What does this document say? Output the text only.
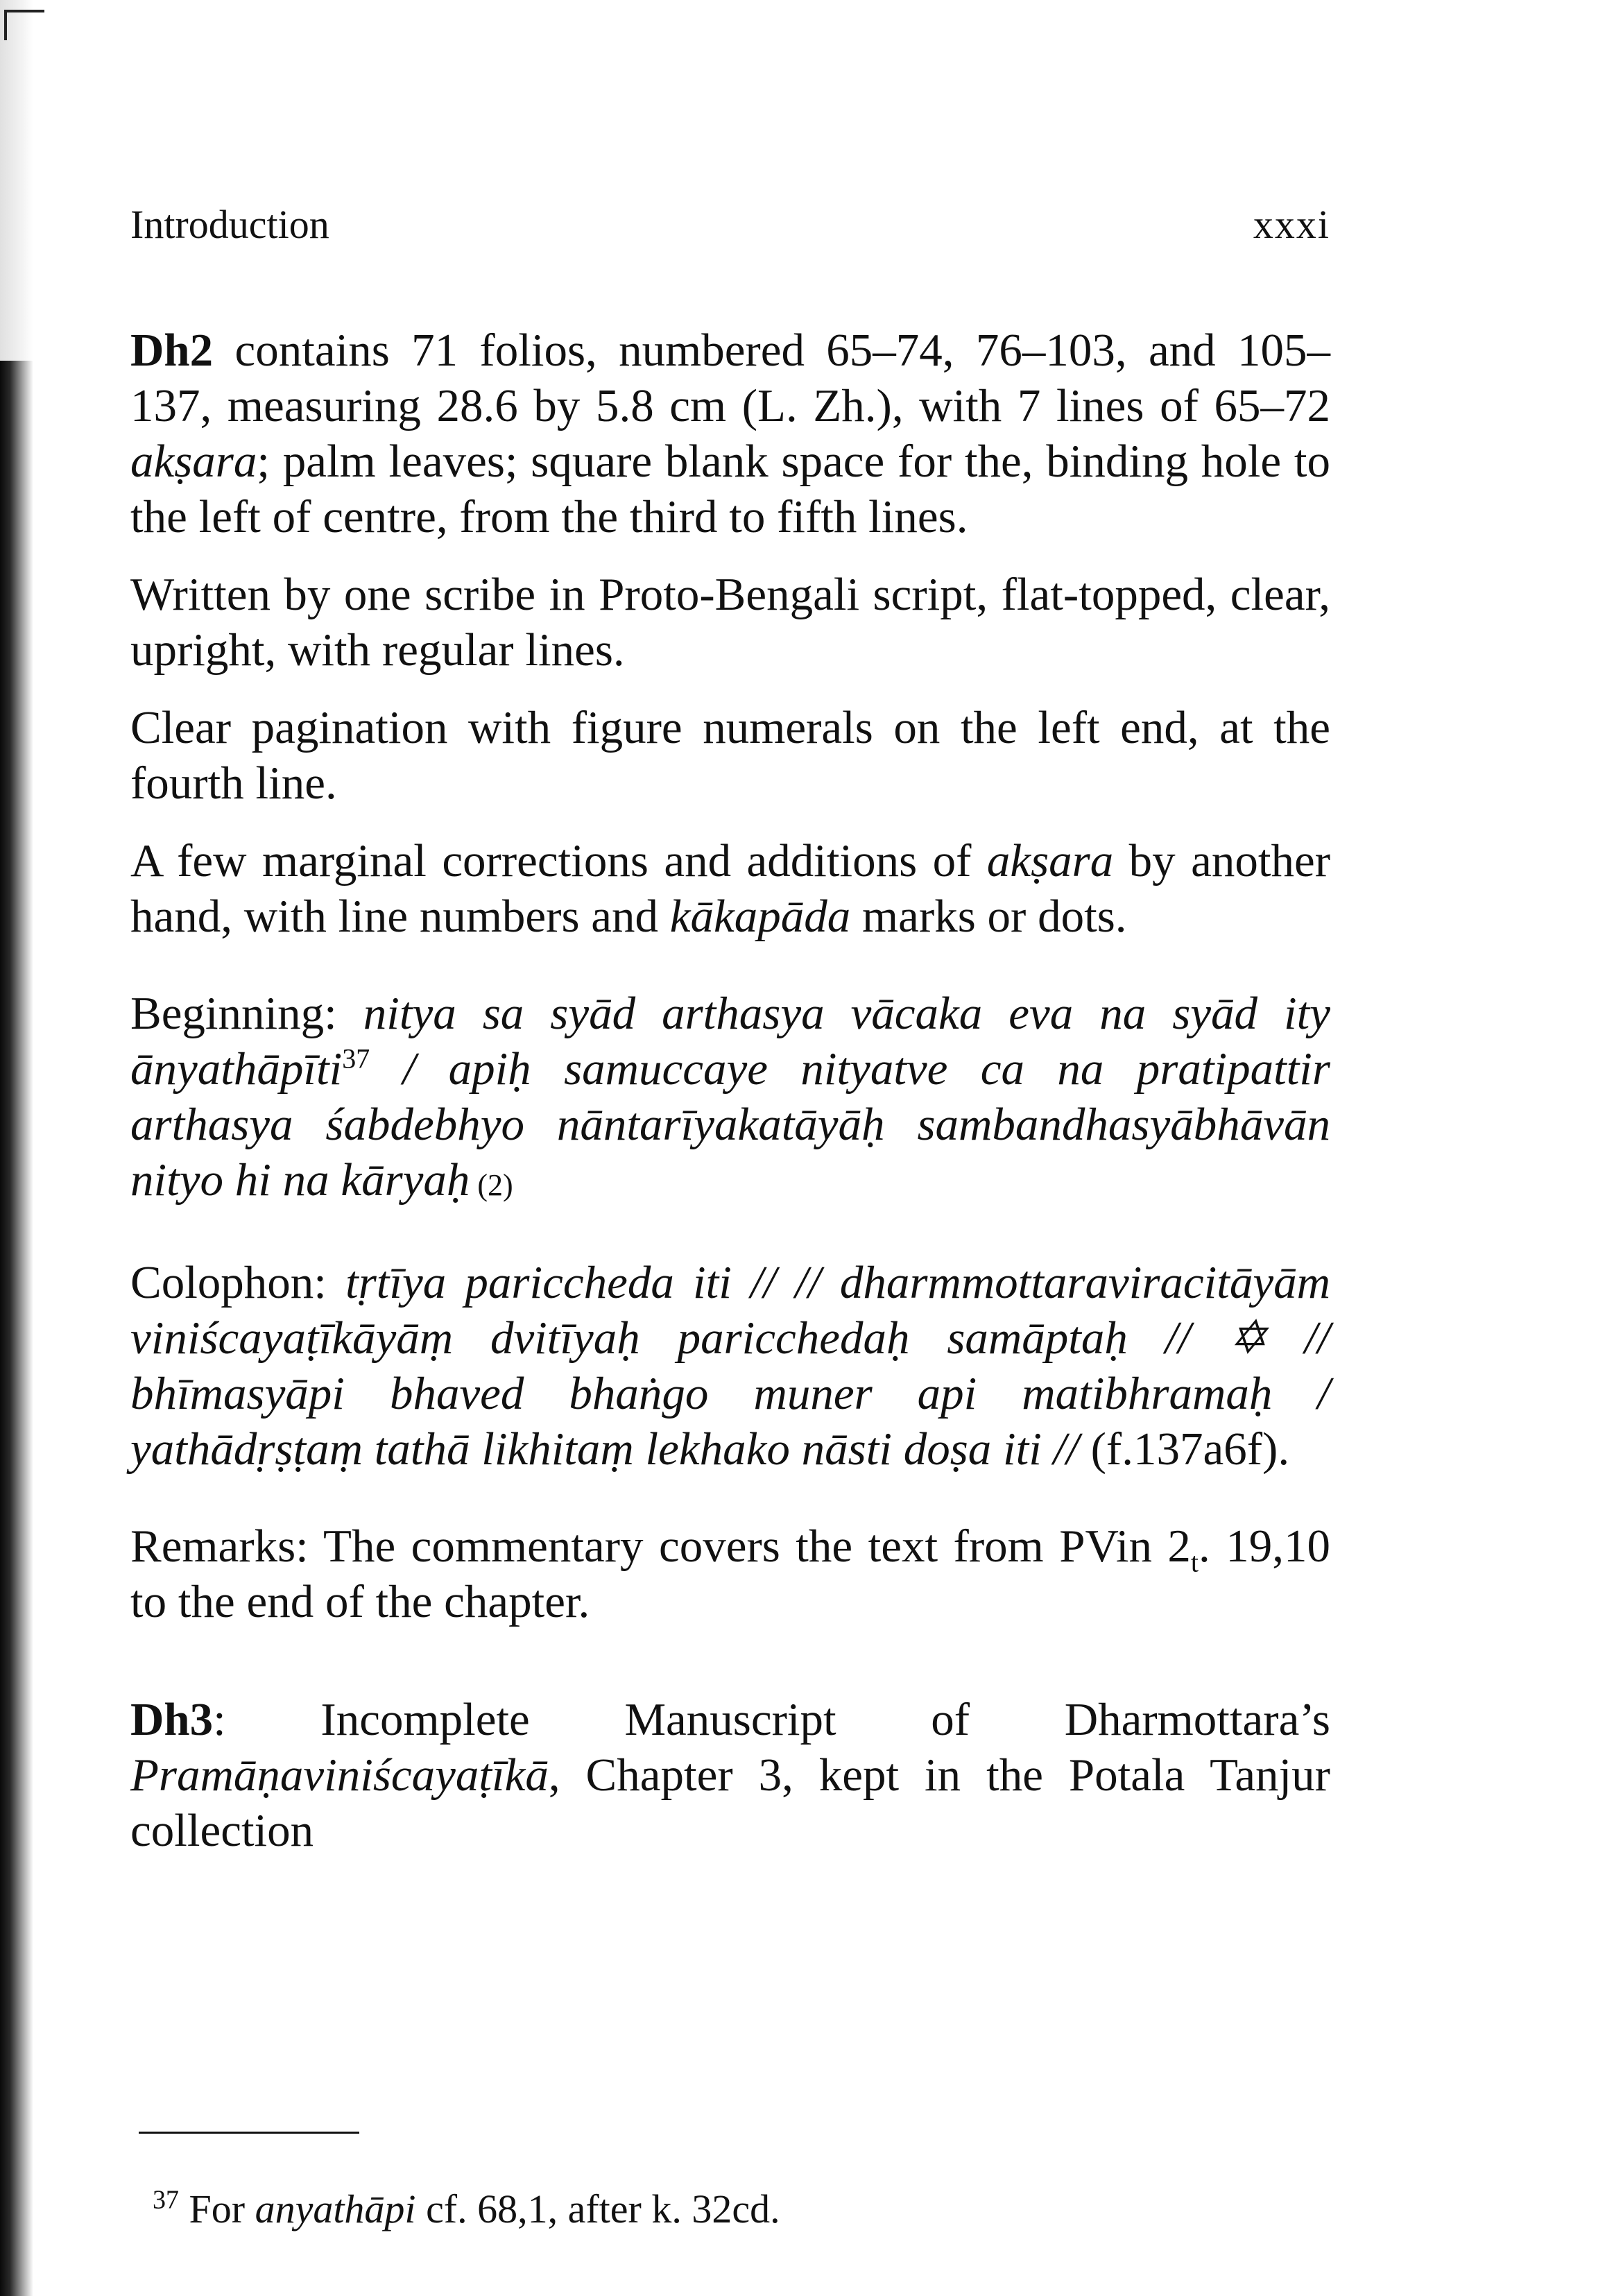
Introduction	xxxi

Dh2 contains 71 folios, numbered 65–74, 76–103, and 105–137, measuring 28.6 by 5.8 cm (L. Zh.), with 7 lines of 65–72 akṣara; palm leaves; square blank space for the, binding hole to the left of centre, from the third to fifth lines.

Written by one scribe in Proto-Bengali script, flat-topped, clear, upright, with regular lines.

Clear pagination with figure numerals on the left end, at the fourth line.

A few marginal corrections and additions of akṣara by another hand, with line numbers and kākapāda marks or dots.

Beginning: nitya sa syād arthasya vācaka eva na syād ity ānyathāpīti$^{37}$ / apiḥ samuccaye nityatve ca na pratipattir arthasya śabdebhyo nāntarīyakatāyāḥ sambandhasyābhāvān nityo hi na kāryaḥ (2)

Colophon: tṛtīya paricchedа iti // // dharmmottaraviracitāyām viniścayaṭīkāyāṃ dvitīyaḥ paricchedaḥ samāptaḥ // ✡ // bhīmasyāpi bhaved bhaṅgo muner api matibhramaḥ / yathādṛṣṭaṃ tathā likhitaṃ lekhako nāsti doṣa iti // (f.137a6f).

Remarks: The commentary covers the text from PVin $2_t$. 19,10 to the end of the chapter.

Dh3: Incomplete Manuscript of Dharmottara’s Pramāṇaviniścayaṭīkā, Chapter 3, kept in the Potala Tanjur collection

$^{37}$ For anyathāpi cf. 68,1, after k. 32cd.
